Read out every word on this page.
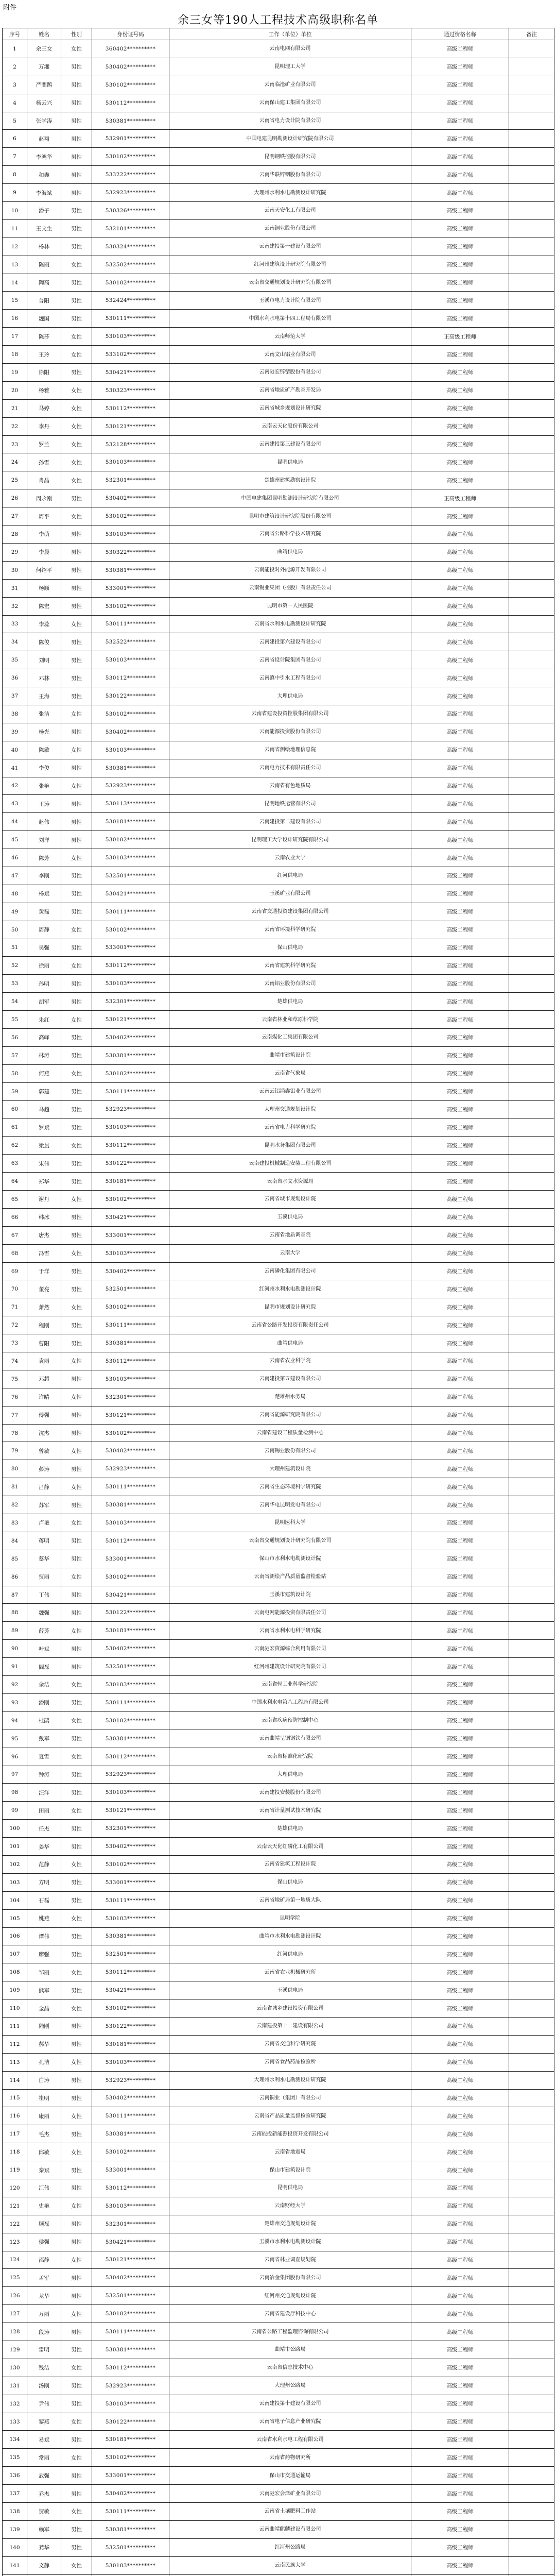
附件
余三女等190人工程技术高级职称名单
序号	姓名	性别	身份证号码	工作（单位）单位	通过资格名称	备注
1	余三女	女性	360402**********	云南电网有限公司	高级工程师	
2	万湘	男性	530402**********	昆明理工大学	高级工程师	
3	严蘭鹊	男性	530102**********	云南临沧矿业有限公司	高级工程师	
4	杨云兴	男性	530112**********	云南保山建工集团有限公司	高级工程师	
5	张学涛	男性	530381**********	云南省电力设计院有限公司	高级工程师	
6	赵翔	男性	532901**********	中国电建昆明勘测设计研究院有限公司	高级工程师	
7	李鸿华	男性	530102**********	昆明钢铁控股有限公司	高级工程师	
8	和鑫	男性	533222**********	云南华联锌铟股份有限公司	高级工程师	
9	李海斌	男性	532923**********	大理州水利水电勘测设计研究院	高级工程师	
10	潘子	男性	530326**********	云南天安化工有限公司	高级工程师	
11	王文生	男性	532101**********	云南铜业股份有限公司	高级工程师	
12	杨林	男性	530324**********	云南建投第一建设有限公司	高级工程师	
13	陈丽	女性	532502**********	红河州建筑设计研究院有限公司	高级工程师	
14	陶高	男性	530102**********	云南省交通规划设计研究院有限公司	高级工程师	
15	普阳	男性	532424**********	玉溪市电力设计院有限公司	高级工程师	
16	魏国	男性	530111**********	中国水利水电第十四工程局有限公司	高级工程师	
17	陈莎	女性	530103**********	云南师范大学	正高级工程师	
18	王玲	女性	533102**********	云南文山铝业有限公司	高级工程师	
19	徐阳	男性	530421**********	云南驰宏锌锗股份有限公司	高级工程师	
20	杨雅	女性	530323**********	云南省地质矿产勘查开发局	高级工程师	
21	马婷	女性	530112**********	云南省城乡规划设计研究院	高级工程师	
22	李丹	女性	530121**********	云南云天化股份有限公司	高级工程师	
23	罗兰	女性	532128**********	云南建投第三建设有限公司	高级工程师	
24	孙雪	女性	530103**********	昆明供电局	高级工程师	
25	肖晶	女性	532301**********	楚雄州建筑勘察设计院	高级工程师	
26	周永刚	男性	530402**********	中国电建集团昆明勘测设计研究院有限公司	正高级工程师	
27	周平	女性	530102**********	昆明市建筑设计研究院股份有限公司	高级工程师	
28	李萌	男性	530103**********	云南省公路科学技术研究院	高级工程师	
29	李晨	男性	530322**********	曲靖供电局	高级工程师	
30	何绍平	男性	530381**********	云南能投对外能源开发有限公司	高级工程师	
31	杨顺	男性	533001**********	云南锡业集团（控股）有限责任公司	高级工程师	
32	陈宏	男性	530102**********	昆明市第一人民医院	高级工程师	
33	李蕊	女性	530111**********	云南省水利水电勘测设计研究院	高级工程师	
34	陈俊	男性	532522**********	云南建投第六建设有限公司	高级工程师	
35	刘明	男性	530103**********	云南省设计院集团有限公司	高级工程师	
36	邓林	男性	530112**********	云南滇中引水工程有限公司	高级工程师	
37	王海	男性	530122**********	大理供电局	高级工程师	
38	张洁	女性	530102**********	云南省建设投资控股集团有限公司	高级工程师	
39	杨光	男性	530402**********	云南能源投资股份有限公司	高级工程师	
40	陈敏	女性	530103**********	云南省测绘地理信息院	高级工程师	
41	李俊	男性	530381**********	云南电力技术有限责任公司	高级工程师	
42	张艳	女性	532923**********	云南省有色地质局	高级工程师	
43	王涛	男性	530113**********	昆明地铁运营有限公司	高级工程师	
44	赵伟	男性	530181**********	云南建投第二建设有限公司	高级工程师	
45	刘洋	男性	530102**********	昆明理工大学设计研究院有限公司	高级工程师	
46	陈芳	女性	530103**********	云南农业大学	高级工程师	
47	李刚	男性	532501**********	红河供电局	高级工程师	
48	杨斌	男性	530421**********	玉溪矿业有限公司	高级工程师	
49	黄磊	男性	530111**********	云南省交通投资建设集团有限公司	高级工程师	
50	周静	女性	530102**********	云南省环境科学研究院	高级工程师	
51	吴强	男性	533001**********	保山供电局	高级工程师	
52	徐丽	女性	530112**********	云南省建筑科学研究院	高级工程师	
53	孙明	男性	530103**********	云南铝业股份有限公司	高级工程师	
54	胡军	男性	532301**********	楚雄供电局	高级工程师	
55	朱红	女性	530121**********	云南省林业和草原科学院	高级工程师	
56	高峰	男性	530402**********	云南煤化工集团有限公司	高级工程师	
57	林涛	男性	530381**********	曲靖市建筑设计院	高级工程师	
58	何燕	女性	530102**********	云南省气象局	高级工程师	
59	郭建	男性	530111**********	云南云铝涌鑫铝业有限公司	高级工程师	
60	马超	男性	532923**********	大理州交通规划设计院	高级工程师	
61	罗斌	男性	530103**********	云南省电力科学研究院	高级工程师	
62	梁晨	女性	530112**********	昆明水务集团有限公司	高级工程师	
63	宋伟	男性	530122**********	云南建投机械制造安装工程有限公司	高级工程师	
64	郑华	男性	530181**********	云南省水文水资源局	高级工程师	
65	谢丹	女性	530102**********	云南省城市规划设计院	高级工程师	
66	韩冰	男性	530421**********	玉溪供电局	高级工程师	
67	唐杰	男性	533001**********	云南省地质调查院	高级工程师	
68	冯雪	女性	530103**********	云南大学	高级工程师	
69	于洋	男性	530402**********	云南磷化集团有限公司	高级工程师	
70	董亮	男性	532501**********	红河州水利水电勘测设计院	高级工程师	
71	萧然	女性	530102**********	昆明市规划设计研究院	高级工程师	
72	程刚	男性	530111**********	云南省公路开发投资有限责任公司	高级工程师	
73	曹阳	男性	530381**********	曲靖供电局	高级工程师	
74	袁丽	女性	530112**********	云南省农业科学院	高级工程师	
75	邓超	男性	530103**********	云南建投第五建设有限公司	高级工程师	
76	许晴	女性	532301**********	楚雄州水务局	高级工程师	
77	傅强	男性	530121**********	云南省能源研究院有限公司	高级工程师	
78	沈杰	男性	530102**********	云南省建设工程质量检测中心	高级工程师	
79	曾敏	女性	530402**********	云南锡业股份有限公司	高级工程师	
80	彭涛	男性	532923**********	大理州建筑设计院	高级工程师	
81	吕静	女性	530111**********	云南省生态环境科学研究院	高级工程师	
82	苏军	男性	530381**********	云南华电昆明发电有限公司	高级工程师	
83	卢艳	女性	530103**********	昆明医科大学	高级工程师	
84	蒋明	男性	530112**********	云南省交通规划设计研究院有限公司	高级工程师	
85	蔡华	男性	533001**********	保山市水利水电勘测设计院	高级工程师	
86	贾丽	女性	530102**********	云南省测绘产品质量监督检验站	高级工程师	
87	丁伟	男性	530421**********	玉溪市建筑设计院	高级工程师	
88	魏强	男性	530122**********	云南电网能源投资有限责任公司	高级工程师	
89	薛芳	女性	530181**********	云南省水利水电科学研究院	高级工程师	
90	叶斌	男性	530402**********	云南驰宏资源综合利用有限公司	高级工程师	
91	阎磊	男性	532501**********	红河州建筑设计研究院有限公司	高级工程师	
92	余洁	女性	530103**********	云南省轻工业科学研究院	高级工程师	
93	潘刚	男性	530111**********	中国水利水电第八工程局有限公司	高级工程师	
94	杜鹃	女性	530102**********	云南省疾病预防控制中心	高级工程师	
95	戴军	男性	530381**********	云南曲靖呈钢钢铁有限公司	高级工程师	
96	夏雪	女性	530112**********	云南省标准化研究院	高级工程师	
97	钟涛	男性	532923**********	大理供电局	高级工程师	
98	汪洋	男性	530103**********	云南建投安装股份有限公司	高级工程师	
99	田丽	女性	530121**********	云南省计量测试技术研究院	高级工程师	
100	任杰	男性	532301**********	楚雄供电局	高级工程师	
101	姜华	男性	530402**********	云南云天化红磷化工有限公司	高级工程师	
102	范静	女性	530102**********	云南省建筑工程设计院	高级工程师	
103	方明	男性	533001**********	保山供电局	高级工程师	
104	石磊	男性	530111**********	云南省地矿局第一地质大队	高级工程师	
105	姚燕	女性	530103**********	昆明学院	高级工程师	
106	谭伟	男性	530381**********	曲靖市水利水电勘测设计院	高级工程师	
107	廖强	男性	532501**********	红河供电局	高级工程师	
108	邹丽	女性	530112**********	云南省农业机械研究所	高级工程师	
109	熊军	男性	530421**********	玉溪供电局	高级工程师	
110	金晶	女性	530102**********	云南省城乡建设投资有限公司	高级工程师	
111	陆刚	男性	530122**********	云南建投第十一建设有限公司	高级工程师	
112	郝华	男性	530181**********	云南省交通科学研究院	高级工程师	
113	孔洁	女性	530103**********	云南省食品药品检验所	高级工程师	
114	白涛	男性	532923**********	大理州水利水电勘测设计研究院	高级工程师	
115	崔明	男性	530402**********	云南铜业（集团）有限公司	高级工程师	
116	康丽	女性	530111**********	云南省产品质量监督检验研究院	高级工程师	
117	毛杰	男性	530381**********	云南能投新能源投资开发有限公司	高级工程师	
118	邱敏	女性	530102**********	云南省地震局	高级工程师	
119	秦斌	男性	533001**********	保山市建筑设计院	高级工程师	
120	江伟	男性	530112**********	昆明供电局	高级工程师	
121	史艳	女性	530103**********	云南财经大学	高级工程师	
122	顾磊	男性	532301**********	楚雄州交通规划设计院	高级工程师	
123	侯强	男性	530421**********	玉溪市水利水电勘测设计院	高级工程师	
124	邵静	女性	530121**********	云南省林业调查规划院	高级工程师	
125	孟军	男性	530402**********	云南冶金集团股份有限公司	高级工程师	
126	龙华	男性	532501**********	红河州交通规划设计院	高级工程师	
127	万丽	女性	530102**********	云南省建设厅科技中心	高级工程师	
128	段涛	男性	530111**********	云南省公路工程监理咨询有限公司	高级工程师	
129	雷明	男性	530381**********	曲靖市公路局	高级工程师	
130	钱洁	女性	530112**********	云南省信息技术中心	高级工程师	
131	汤刚	男性	532923**********	大理州公路局	高级工程师	
132	尹伟	男性	530103**********	云南建投第十建设有限公司	高级工程师	
133	黎燕	女性	530122**********	云南省电子信息产业研究院	高级工程师	
134	易斌	男性	530181**********	云南省水利水电工程有限公司	高级工程师	
135	常丽	女性	530102**********	云南省药物研究所	高级工程师	
136	武强	男性	533001**********	保山市交通运输局	高级工程师	
137	乔杰	男性	530402**********	云南驰宏会泽矿业有限公司	高级工程师	
138	贺敏	女性	530111**********	云南省土壤肥料工作站	高级工程师	
139	赖军	男性	530381**********	云南曲靖麒麟建设有限公司	高级工程师	
140	龚华	男性	532501**********	红河州公路局	高级工程师	
141	文静	女性	530103**********	云南民族大学	高级工程师	
